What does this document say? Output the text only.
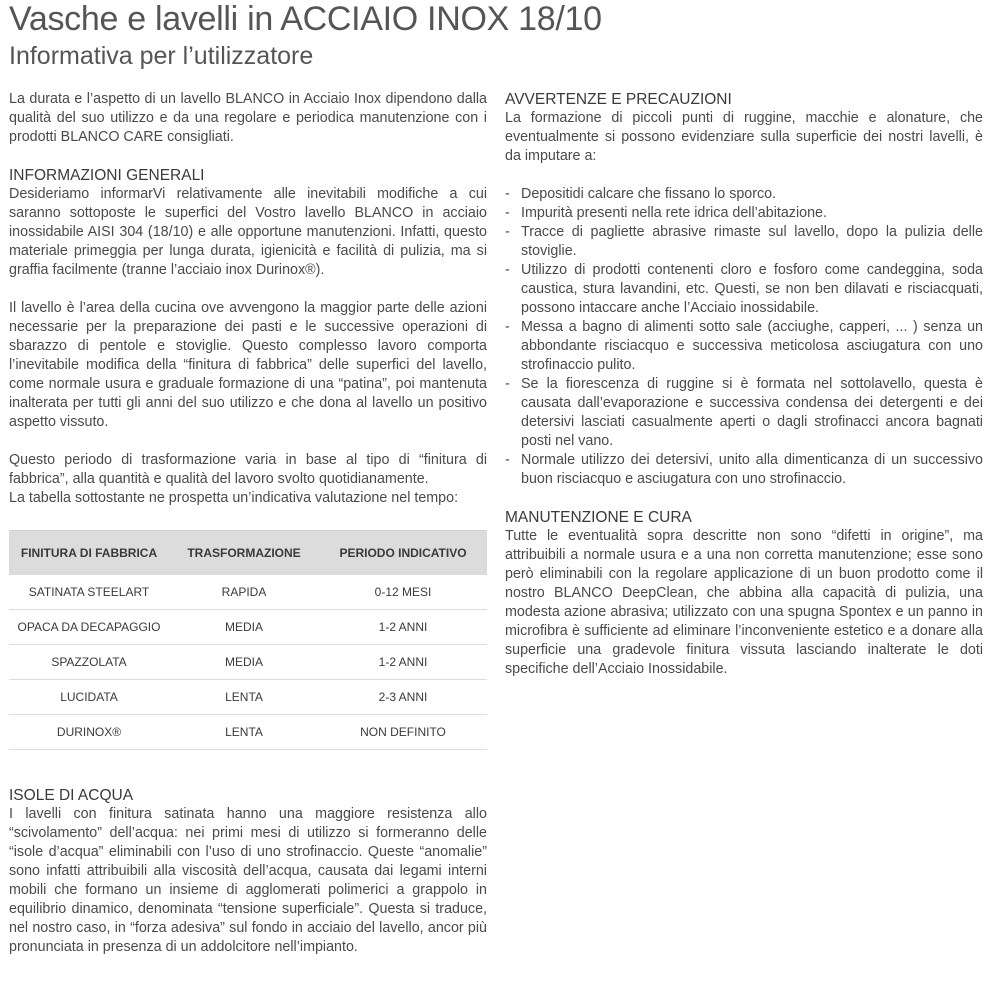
Vasche e lavelli in ACCIAIO INOX 18/10
Informativa per l’utilizzatore

La durata e l’aspetto di un lavello BLANCO in Acciaio Inox dipendono dalla qualità del suo utilizzo e da una regolare e periodica manutenzione con i prodotti BLANCO CARE consigliati.

INFORMAZIONI GENERALI

Desideriamo informarVi relativamente alle inevitabili modifiche a cui saranno sottoposte le superfici del Vostro lavello BLANCO in acciaio inossidabile AISI 304 (18/10) e alle opportune manutenzioni. Infatti, questo materiale primeggia per lunga durata, igienicità e facilità di pulizia, ma si graffia facilmente (tranne l’acciaio inox Durinox®).

Il lavello è l’area della cucina ove avvengono la maggior parte delle azioni necessarie per la preparazione dei pasti e le successive operazioni di sbarazzo di pentole e stoviglie. Questo complesso lavoro comporta l’inevitabile modifica della “finitura di fabbrica” delle superfici del lavello, come normale usura e graduale formazione di una “patina”, poi mantenuta inalterata per tutti gli anni del suo utilizzo e che dona al lavello un positivo aspetto vissuto.

Questo periodo di trasformazione varia in base al tipo di “finitura di fabbrica”, alla quantità e qualità del lavoro svolto quotidianamente.

La tabella sottostante ne prospetta un’indicativa valutazione nel tempo:

FINITURA DI FABBRICA	TRASFORMAZIONE	PERIODO INDICATIVO
SATINATA STEELART	RAPIDA	0-12 MESI
OPACA DA DECAPAGGIO	MEDIA	1-2 ANNI
SPAZZOLATA	MEDIA	1-2 ANNI
LUCIDATA	LENTA	2-3 ANNI
DURINOX®	LENTA	NON DEFINITO
ISOLE DI ACQUA

I lavelli con finitura satinata hanno una maggiore resistenza allo “scivolamento” dell’acqua: nei primi mesi di utilizzo si formeranno delle “isole d’acqua” eliminabili con l’uso di uno strofinaccio. Queste “anomalie” sono infatti attribuibili alla viscosità dell’acqua, causata dai legami interni mobili che formano un insieme di agglomerati polimerici a grappolo in equilibrio dinamico, denominata “tensione superficiale”. Questa si traduce, nel nostro caso, in “forza adesiva” sul fondo in acciaio del lavello, ancor più pronunciata in presenza di un addolcitore nell’impianto.

AVVERTENZE E PRECAUZIONI

La formazione di piccoli punti di ruggine, macchie e alonature, che eventualmente si possono evidenziare sulla superficie dei nostri lavelli, è da imputare a:

- Depositidi calcare che fissano lo sporco.
- Impurità presenti nella rete idrica dell’abitazione.
- Tracce di pagliette abrasive rimaste sul lavello, dopo la pulizia delle stoviglie.
- Utilizzo di prodotti contenenti cloro e fosforo come candeggina, soda caustica, stura lavandini, etc. Questi, se non ben dilavati e risciacquati, possono intaccare anche l’Acciaio inossidabile.
- Messa a bagno di alimenti sotto sale (acciughe, capperi, ... ) senza un abbondante risciacquo e successiva meticolosa asciugatura con uno strofinaccio pulito.
- Se la fiorescenza di ruggine si è formata nel sottolavello, questa è causata dall’evaporazione e successiva condensa dei detergenti e dei detersivi lasciati casualmente aperti o dagli strofinacci ancora bagnati posti nel vano.
- Normale utilizzo dei detersivi, unito alla dimenticanza di un successivo buon risciacquo e asciugatura con uno strofinaccio.
MANUTENZIONE E CURA

Tutte le eventualità sopra descritte non sono “difetti in origine”, ma attribuibili a normale usura e a una non corretta manutenzione; esse sono però eliminabili con la regolare applicazione di un buon prodotto come il nostro BLANCO DeepClean, che abbina alla capacità di pulizia, una modesta azione abrasiva; utilizzato con una spugna Spontex e un panno in microfibra è sufficiente ad eliminare l’inconveniente estetico e a donare alla superficie una gradevole finitura vissuta lasciando inalterate le doti specifiche dell’Acciaio Inossidabile.
